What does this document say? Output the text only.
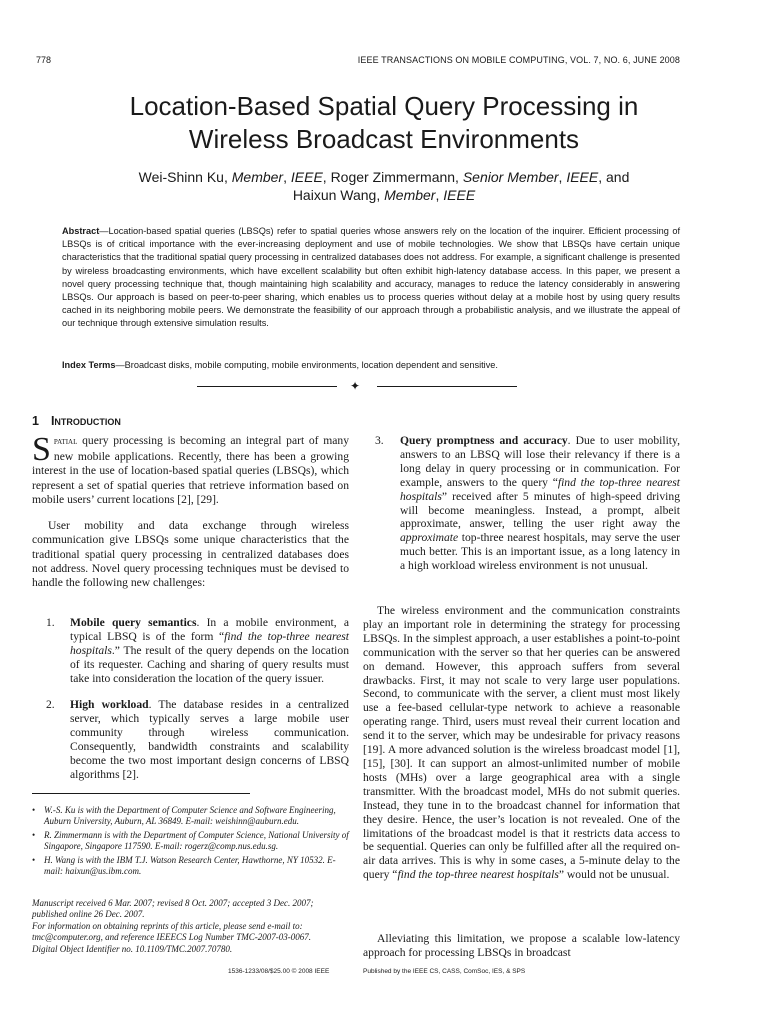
778	IEEE TRANSACTIONS ON MOBILE COMPUTING, VOL. 7, NO. 6, JUNE 2008
Location-Based Spatial Query Processing in
Wireless Broadcast Environments
Wei-Shinn Ku, Member, IEEE, Roger Zimmermann, Senior Member, IEEE, and
Haixun Wang, Member, IEEE

Abstract—Location-based spatial queries (LBSQs) refer to spatial queries whose answers rely on the location of the inquirer. Efficient processing of LBSQs is of critical importance with the ever-increasing deployment and use of mobile technologies. We show that LBSQs have certain unique characteristics that the traditional spatial query processing in centralized databases does not address. For example, a significant challenge is presented by wireless broadcasting environments, which have excellent scalability but often exhibit high-latency database access. In this paper, we present a novel query processing technique that, though maintaining high scalability and accuracy, manages to reduce the latency considerably in answering LBSQs. Our approach is based on peer-to-peer sharing, which enables us to process queries without delay at a mobile host by using query results cached in its neighboring mobile peers. We demonstrate the feasibility of our approach through a probabilistic analysis, and we illustrate the appeal of our technique through extensive simulation results.

Index Terms—Broadcast disks, mobile computing, mobile environments, location dependent and sensitive.

✦
1 Introduction

Spatial query processing is becoming an integral part of many new mobile applications. Recently, there has been a growing interest in the use of location-based spatial queries (LBSQs), which represent a set of spatial queries that retrieve information based on mobile users’ current locations [2], [29].

User mobility and data exchange through wireless communication give LBSQs some unique characteristics that the traditional spatial query processing in centralized databases does not address. Novel query processing techniques must be devised to handle the following new challenges:

1. Mobile query semantics. In a mobile environment, a typical LBSQ is of the form “find the top-three nearest hospitals.” The result of the query depends on the location of its requester. Caching and sharing of query results must take into consideration the location of the query issuer.
2. High workload. The database resides in a centralized server, which typically serves a large mobile user community through wireless communication. Consequently, bandwidth constraints and scalability become the two most important design concerns of LBSQ algorithms [2].
• W.-S. Ku is with the Department of Computer Science and Software Engineering, Auburn University, Auburn, AL 36849. E-mail: weishinn@auburn.edu.
• R. Zimmermann is with the Department of Computer Science, National University of Singapore, Singapore 117590. E-mail: rogerz@comp.nus.edu.sg.
• H. Wang is with the IBM T.J. Watson Research Center, Hawthorne, NY 10532. E-mail: haixun@us.ibm.com.

Manuscript received 6 Mar. 2007; revised 8 Oct. 2007; accepted 3 Dec. 2007; published online 26 Dec. 2007.
For information on obtaining reprints of this article, please send e-mail to: tmc@computer.org, and reference IEEECS Log Number TMC-2007-03-0067.
Digital Object Identifier no. 10.1109/TMC.2007.70780.

3.	Query promptness and accuracy. Due to user mobility, answers to an LBSQ will lose their relevancy if there is a long delay in query processing or in communication. For example, answers to the query “find the top-three nearest hospitals” received after 5 minutes of high-speed driving will become meaningless. Instead, a prompt, albeit approximate, answer, telling the user right away the approximate top-three nearest hospitals, may serve the user much better. This is an important issue, as a long latency in a high workload wireless environment is not unusual.

The wireless environment and the communication constraints play an important role in determining the strategy for processing LBSQs. In the simplest approach, a user establishes a point-to-point communication with the server so that her queries can be answered on demand. However, this approach suffers from several drawbacks. First, it may not scale to very large user populations. Second, to communicate with the server, a client must most likely use a fee-based cellular-type network to achieve a reasonable operating range. Third, users must reveal their current location and send it to the server, which may be undesirable for privacy reasons [19]. A more advanced solution is the wireless broadcast model [1], [15], [30]. It can support an almost-unlimited number of mobile hosts (MHs) over a large geographical area with a single transmitter. With the broadcast model, MHs do not submit queries. Instead, they tune in to the broadcast channel for information that they desire. Hence, the user’s location is not revealed. One of the limitations of the broadcast model is that it restricts data access to be sequential. Queries can only be fulfilled after all the required on-air data arrives. This is why in some cases, a 5-minute delay to the query “find the top-three nearest hospitals” would not be unusual.

Alleviating this limitation, we propose a scalable low-latency approach for processing LBSQs in broadcast

1536-1233/08/$25.00 © 2008 IEEE	Published by the IEEE CS, CASS, ComSoc, IES, & SPS
